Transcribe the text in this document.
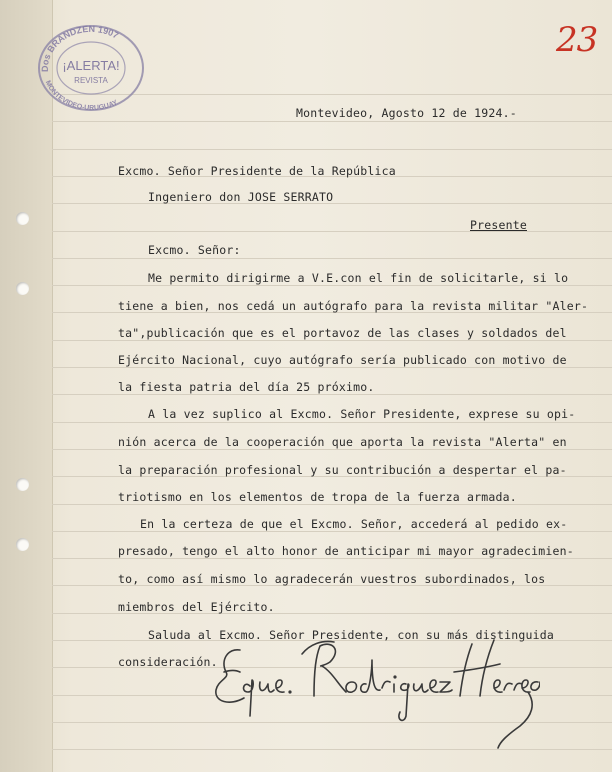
Dos BRANDZEN 1907
MONTEVIDEO-URUGUAY
¡ALERTA!
REVISTA
23
Montevideo, Agosto 12 de 1924.-
Excmo. Señor Presidente de la República
Ingeniero don JOSE SERRATO
Presente
Excmo. Señor:
Me permito dirigirme a V.E.con el fin de solicitarle, si lo
tiene a bien, nos cedá un autógrafo para la revista militar "Aler-
ta",publicación que es el portavoz de las clases y soldados del
Ejército Nacional, cuyo autógrafo sería publicado con motivo de
la fiesta patria del día 25 próximo.
A la vez suplico al Excmo. Señor Presidente, exprese su opi-
nión acerca de la cooperación que aporta la revista "Alerta" en
la preparación profesional y su contribución a despertar el pa-
triotismo en los elementos de tropa de la fuerza armada.
En la certeza de que el Excmo. Señor, accederá al pedido ex-
presado, tengo el alto honor de anticipar mi mayor agradecimien-
to, como así mismo lo agradecerán vuestros subordinados, los
miembros del Ejército.
Saluda al Excmo. Señor Presidente, con su más distinguida
consideración.
